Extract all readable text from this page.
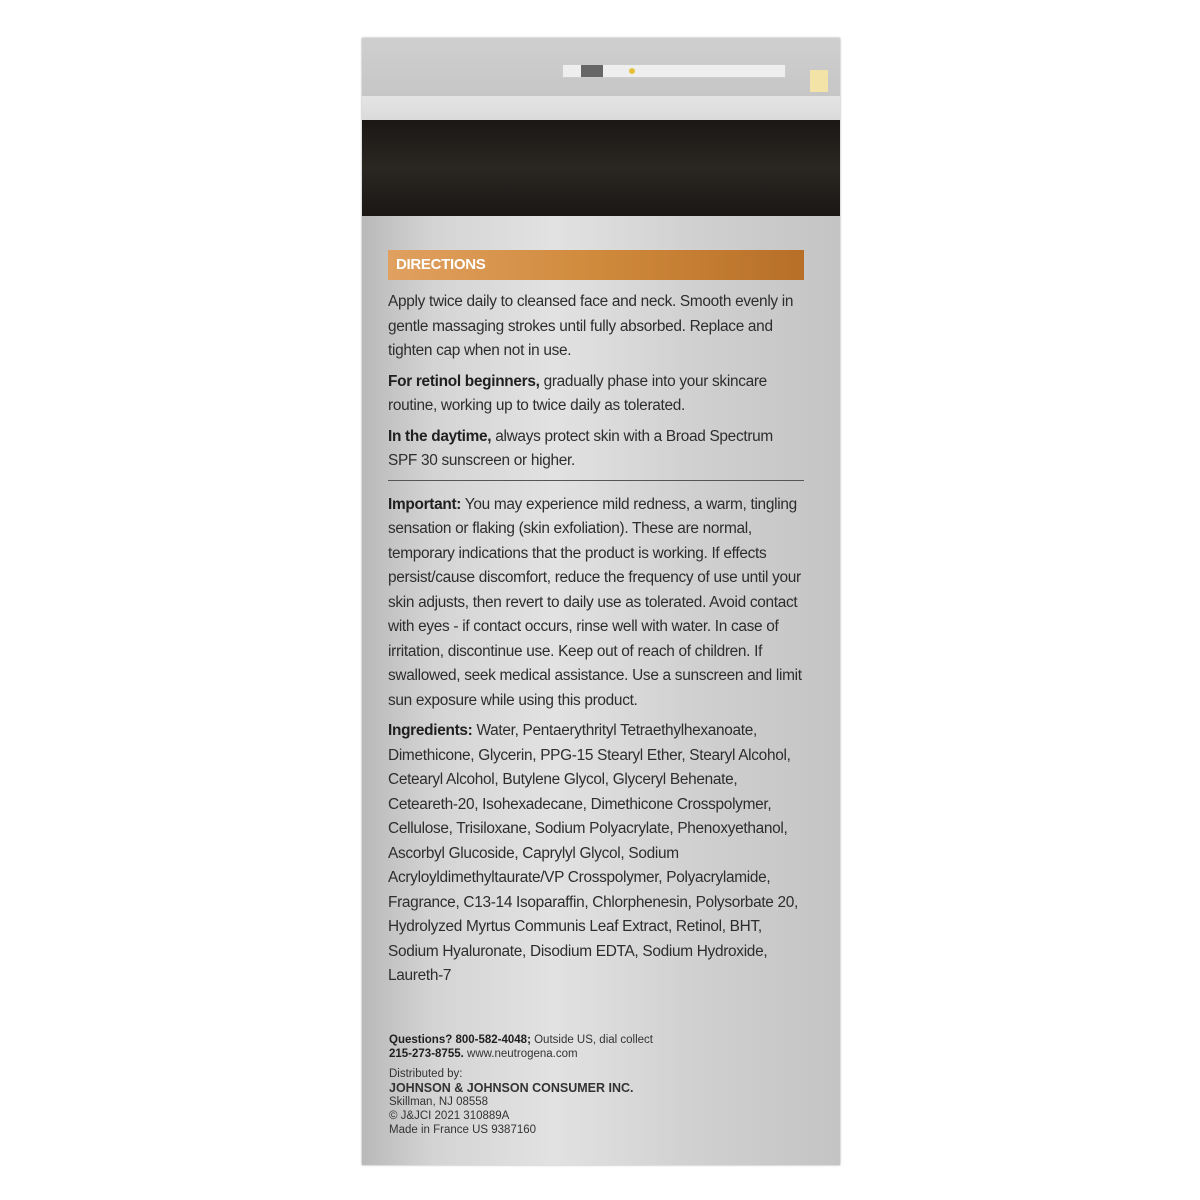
DIRECTIONS

Apply twice daily to cleansed face and neck. Smooth evenly in gentle massaging strokes until fully absorbed. Replace and tighten cap when not in use.

For retinol beginners, gradually phase into your skincare routine, working up to twice daily as tolerated.

In the daytime, always protect skin with a Broad Spectrum SPF 30 sunscreen or higher.

Important: You may experience mild redness, a warm, tingling sensation or flaking (skin exfoliation). These are normal, temporary indications that the product is working. If effects persist/cause discomfort, reduce the frequency of use until your skin adjusts, then revert to daily use as tolerated. Avoid contact with eyes - if contact occurs, rinse well with water. In case of irritation, discontinue use. Keep out of reach of children. If swallowed, seek medical assistance. Use a sunscreen and limit sun exposure while using this product.

Ingredients: Water, Pentaerythrityl Tetraethylhexanoate, Dimethicone, Glycerin, PPG-15 Stearyl Ether, Stearyl Alcohol, Cetearyl Alcohol, Butylene Glycol, Glyceryl Behenate, Ceteareth-20, Isohexadecane, Dimethicone Crosspolymer, Cellulose, Trisiloxane, Sodium Polyacrylate, Phenoxyethanol, Ascorbyl Glucoside, Caprylyl Glycol, Sodium Acryloyldimethyltaurate/VP Crosspolymer, Polyacrylamide, Fragrance, C13-14 Isoparaffin, Chlorphenesin, Polysorbate 20, Hydrolyzed Myrtus Communis Leaf Extract, Retinol, BHT, Sodium Hyaluronate, Disodium EDTA, Sodium Hydroxide, Laureth-7

Questions? 800-582-4048; Outside US, dial collect
215-273-8755. www.neutrogena.com

Distributed by:
JOHNSON & JOHNSON CONSUMER INC.
Skillman, NJ 08558
© J&JCI 2021 310889A
Made in France US 9387160
